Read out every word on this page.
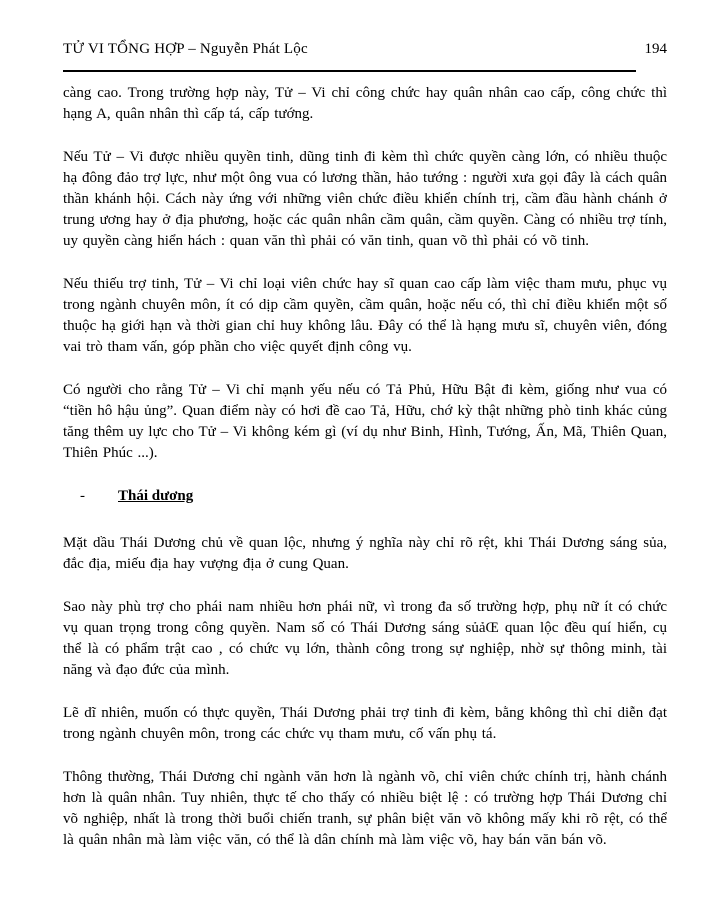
TỬ VI TỔNG HỢP – Nguyễn Phát Lộc	194

càng cao. Trong trường hợp này, Tử – Vi chỉ công chức hay quân nhân cao cấp, công chức thì hạng A, quân nhân thì cấp tá, cấp tướng.

Nếu Tử – Vi được nhiều quyền tinh, dũng tinh đi kèm thì chức quyền càng lớn, có nhiều thuộc hạ đông đảo trợ lực, như một ông vua có lương thần, hảo tướng : người xưa gọi đây là cách quân thần khánh hội. Cách này ứng với những viên chức điều khiển chính trị, cầm đầu hành chánh ở trung ương hay ở địa phương, hoặc các quân nhân cầm quân, cầm quyền. Càng có nhiều trợ tính, uy quyền càng hiển hách : quan văn thì phải có văn tinh, quan võ thì phải có võ tinh.

Nếu thiếu trợ tinh, Tử – Vi chỉ loại viên chức hay sĩ quan cao cấp làm việc tham mưu, phục vụ trong ngành chuyên môn, ít có dịp cầm quyền, cầm quân, hoặc nếu có, thì chỉ điều khiển một số thuộc hạ giới hạn và thời gian chỉ huy không lâu. Đây có thể là hạng mưu sĩ, chuyên viên, đóng vai trò tham vấn, góp phần cho việc quyết định công vụ.

Có người cho rằng Tử – Vi chỉ mạnh yếu nếu có Tả Phủ, Hữu Bật đi kèm, giống như vua có “tiền hô hậu ủng”. Quan điểm này có hơi đề cao Tả, Hữu, chớ kỳ thật những phò tinh khác củng tăng thêm uy lực cho Tử – Vi không kém gì (ví dụ như Binh, Hình, Tướng, Ấn, Mã, Thiên Quan, Thiên Phúc ...).

- Thái dương

Mặt dầu Thái Dương chủ về quan lộc, nhưng ý nghĩa này chỉ rõ rệt, khi Thái Dương sáng sủa, đắc địa, miếu địa hay vượng địa ở cung Quan.

Sao này phù trợ cho phái nam nhiều hơn phái nữ, vì trong đa số trường hợp, phụ nữ ít có chức vụ quan trọng trong công quyền. Nam số có Thái Dương sáng sủảŒ quan lộc đều quí hiển, cụ thể là có phẩm trật cao , có chức vụ lớn, thành công trong sự nghiệp, nhờ sự thông minh, tài năng và đạo đức của mình.

Lẽ dĩ nhiên, muốn có thực quyền, Thái Dương phải trợ tinh đi kèm, bằng không thì chỉ diễn đạt trong ngành chuyên môn, trong các chức vụ tham mưu, cố vấn phụ tá.

Thông thường, Thái Dương chỉ ngành văn hơn là ngành võ, chỉ viên chức chính trị, hành chánh hơn là quân nhân. Tuy nhiên, thực tế cho thấy có nhiều biệt lệ : có trường hợp Thái Dương chỉ võ nghiệp, nhất là trong thời buổi chiến tranh, sự phân biệt văn võ không mấy khi rõ rệt, có thể là quân nhân mà làm việc văn, có thể là dân chính mà làm việc võ, hay bán văn bán võ.
